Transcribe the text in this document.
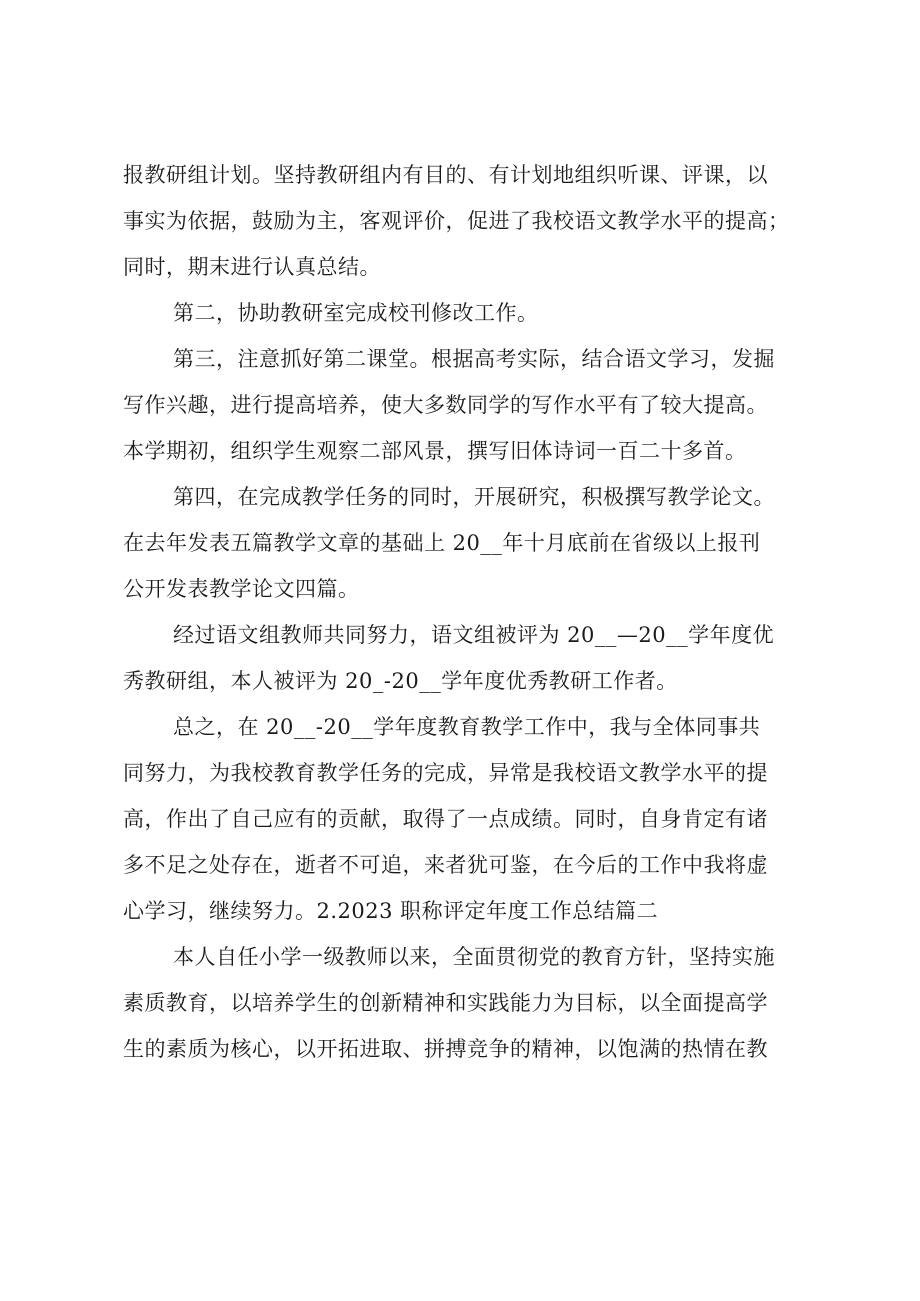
报教研组计划。坚持教研组内有目的、有计划地组织听课、评课，以
事实为依据，鼓励为主，客观评价，促进了我校语文教学水平的提高；
同时，期末进行认真总结。
第二，协助教研室完成校刊修改工作。
第三，注意抓好第二课堂。根据高考实际，结合语文学习，发掘
写作兴趣，进行提高培养，使大多数同学的写作水平有了较大提高。
本学期初，组织学生观察二部风景，撰写旧体诗词一百二十多首。
第四，在完成教学任务的同时，开展研究，积极撰写教学论文。
在去年发表五篇教学文章的基础上 20__年十月底前在省级以上报刊
公开发表教学论文四篇。
经过语文组教师共同努力，语文组被评为 20__—20__学年度优
秀教研组，本人被评为 20_-20__学年度优秀教研工作者。
总之，在 20__-20__学年度教育教学工作中，我与全体同事共
同努力，为我校教育教学任务的完成，异常是我校语文教学水平的提
高，作出了自己应有的贡献，取得了一点成绩。同时，自身肯定有诸
多不足之处存在，逝者不可追，来者犹可鉴，在今后的工作中我将虚
心学习，继续努力。2.2023 职称评定年度工作总结篇二
本人自任小学一级教师以来，全面贯彻党的教育方针，坚持实施
素质教育，以培养学生的创新精神和实践能力为目标，以全面提高学
生的素质为核心，以开拓进取、拼搏竞争的精神，以饱满的热情在教
